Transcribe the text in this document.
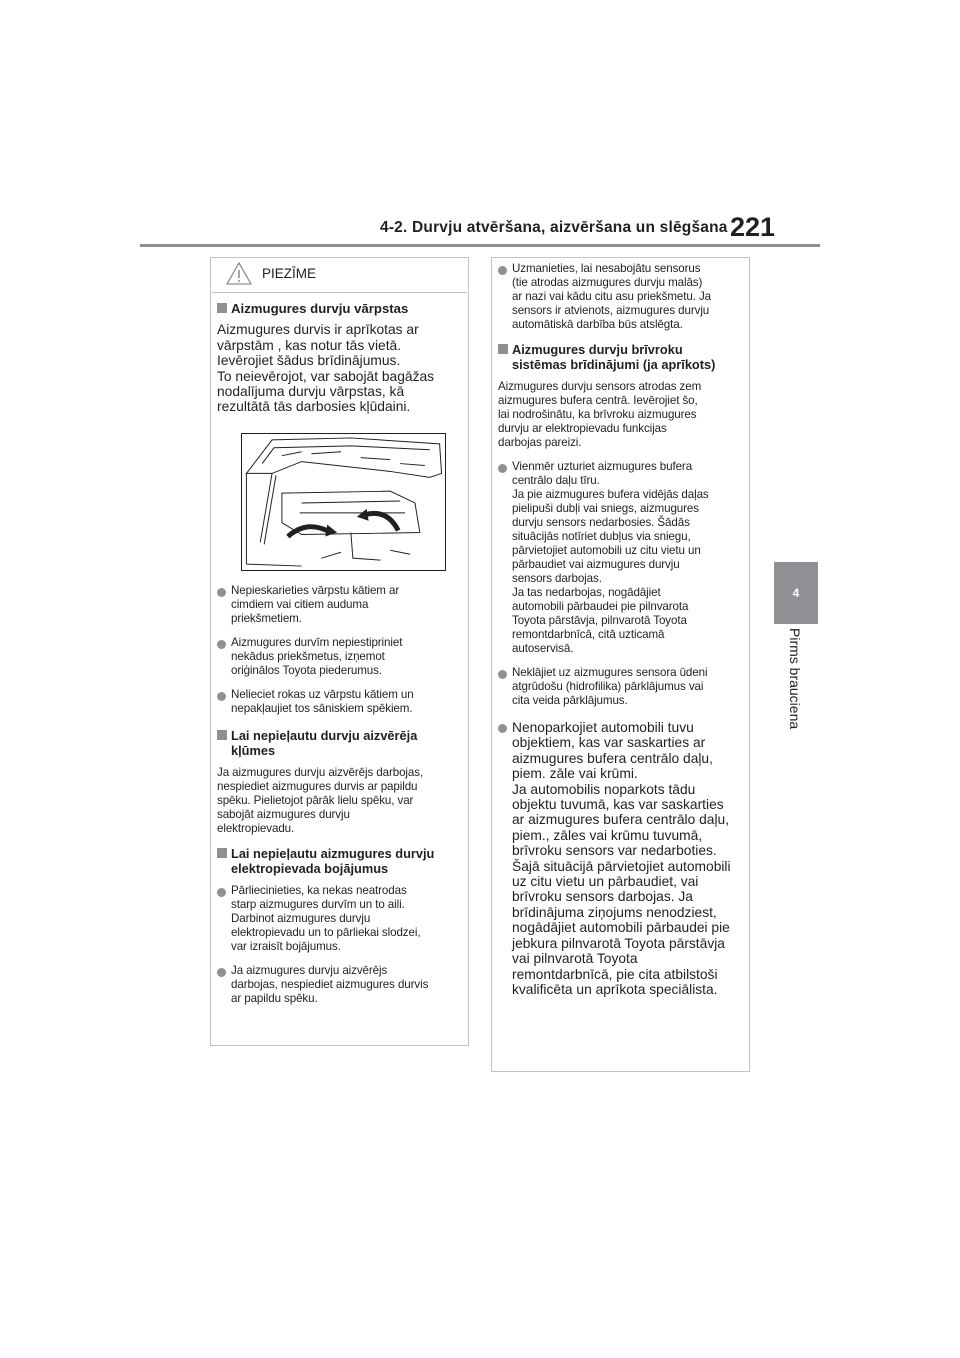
4-2. Durvju atvēršana, aizvēršana un slēgšana 221
4
Pirms brauciena
PIEZĪME
Aizmugures durvju vārpstas
Aizmugures durvis ir aprīkotas ar
vārpstām , kas notur tās vietā.
Ievērojiet šādus brīdinājumus.
To neievērojot, var sabojāt bagāžas
nodalījuma durvju vārpstas, kā
rezultātā tās darbosies kļūdaini.
Nepieskarieties vārpstu kātiem ar
cimdiem vai citiem auduma
priekšmetiem.
Aizmugures durvīm nepiestipriniet
nekādus priekšmetus, izņemot
oriģinālos Toyota piederumus.
Nelieciet rokas uz vārpstu kātiem un
nepakļaujiet tos sāniskiem spēkiem.
Lai nepieļautu durvju aizvērēja
kļūmes
Ja aizmugures durvju aizvērējs darbojas,
nespiediet aizmugures durvis ar papildu
spēku. Pielietojot pārāk lielu spēku, var
sabojāt aizmugures durvju
elektropievadu.
Lai nepieļautu aizmugures durvju
elektropievada bojājumus
Pārliecinieties, ka nekas neatrodas
starp aizmugures durvīm un to aili.
Darbinot aizmugures durvju
elektropievadu un to pārliekai slodzei,
var izraisīt bojājumus.
Ja aizmugures durvju aizvērējs
darbojas, nespiediet aizmugures durvis
ar papildu spēku.
Uzmanieties, lai nesabojātu sensorus
(tie atrodas aizmugures durvju malās)
ar nazi vai kādu citu asu priekšmetu. Ja
sensors ir atvienots, aizmugures durvju
automātiskā darbība būs atslēgta.
Aizmugures durvju brīvroku
sistēmas brīdinājumi (ja aprīkots)
Aizmugures durvju sensors atrodas zem
aizmugures bufera centrā. Ievērojiet šo,
lai nodrošinātu, ka brīvroku aizmugures
durvju ar elektropievadu funkcijas
darbojas pareizi.
Vienmēr uzturiet aizmugures bufera
centrālo daļu tīru.
Ja pie aizmugures bufera vidējās daļas
pielipuši dubļi vai sniegs, aizmugures
durvju sensors nedarbosies. Šādās
situācijās notīriet dubļus via sniegu,
pārvietojiet automobili uz citu vietu un
pārbaudiet vai aizmugures durvju
sensors darbojas.
Ja tas nedarbojas, nogādājiet
automobili pārbaudei pie pilnvarota
Toyota pārstāvja, pilnvarotā Toyota
remontdarbnīcā, citā uzticamā
autoservisā.
Neklājiet uz aizmugures sensora ūdeni
atgrūdošu (hidrofilika) pārklājumus vai
cita veida pārklājumus.
Nenoparkojiet automobili tuvu
objektiem, kas var saskarties ar
aizmugures bufera centrālo daļu,
piem. zāle vai krūmi.
Ja automobilis noparkots tādu
objektu tuvumā, kas var saskarties
ar aizmugures bufera centrālo daļu,
piem., zāles vai krūmu tuvumā,
brīvroku sensors var nedarboties.
Šajā situācijā pārvietojiet automobili
uz citu vietu un pārbaudiet, vai
brīvroku sensors darbojas. Ja
brīdinājuma ziņojums nenodziest,
nogādājiet automobili pārbaudei pie
jebkura pilnvarotā Toyota pārstāvja
vai pilnvarotā Toyota
remontdarbnīcā, pie cita atbilstoši
kvalificēta un aprīkota speciālista.
